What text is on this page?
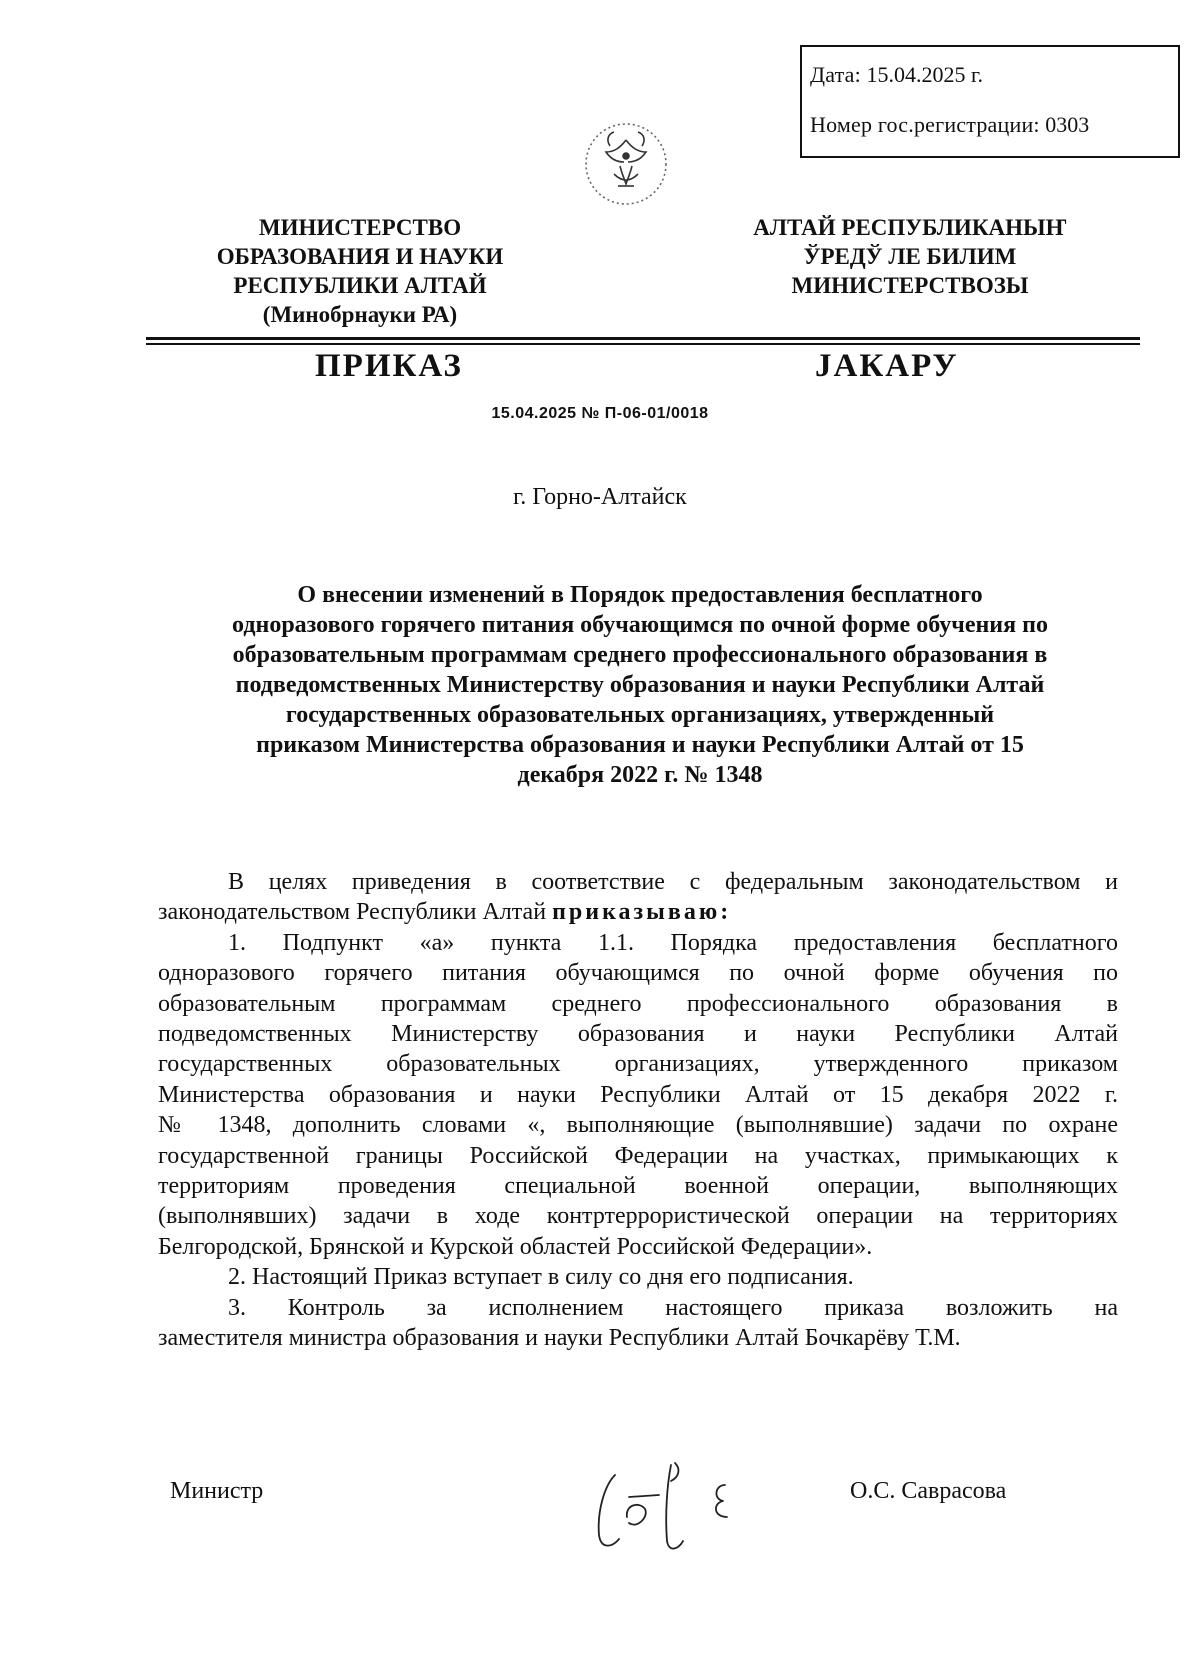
Дата: 15.04.2025 г.
Номер гос.регистрации: 0303
МИНИСТЕРСТВО
ОБРАЗОВАНИЯ И НАУКИ
РЕСПУБЛИКИ АЛТАЙ
(Минобрнауки РА)
АЛТАЙ РЕСПУБЛИКАНЫҤ
ЎРЕДЎ ЛЕ БИЛИМ
МИНИСТЕРСТВОЗЫ
ПРИКАЗ	JАКАРУ
15.04.2025 № П-06-01/0018
г. Горно-Алтайск
О внесении изменений в Порядок предоставления бесплатного
одноразового горячего питания обучающимся по очной форме обучения по
образовательным программам среднего профессионального образования в
подведомственных Министерству образования и науки Республики Алтай
государственных образовательных организациях, утвержденный
приказом Министерства образования и науки Республики Алтай от 15
декабря 2022 г. № 1348
В целях приведения в соответствие с федеральным законодательством и
законодательством Республики Алтай приказываю:
1. Подпункт «а» пункта 1.1. Порядка предоставления бесплатного
одноразового горячего питания обучающимся по очной форме обучения по
образовательным программам среднего профессионального образования в
подведомственных Министерству образования и науки Республики Алтай
государственных образовательных организациях, утвержденного приказом
Министерства образования и науки Республики Алтай от 15 декабря 2022 г.
№ 1348, дополнить словами «, выполняющие (выполнявшие) задачи по охране
государственной границы Российской Федерации на участках, примыкающих к
территориям проведения специальной военной операции, выполняющих
(выполнявших) задачи в ходе контртеррористической операции на территориях
Белгородской, Брянской и Курской областей Российской Федерации».
2. Настоящий Приказ вступает в силу со дня его подписания.
3. Контроль за исполнением настоящего приказа возложить на
заместителя министра образования и науки Республики Алтай Бочкарёву Т.М.
Министр	О.С. Саврасова
